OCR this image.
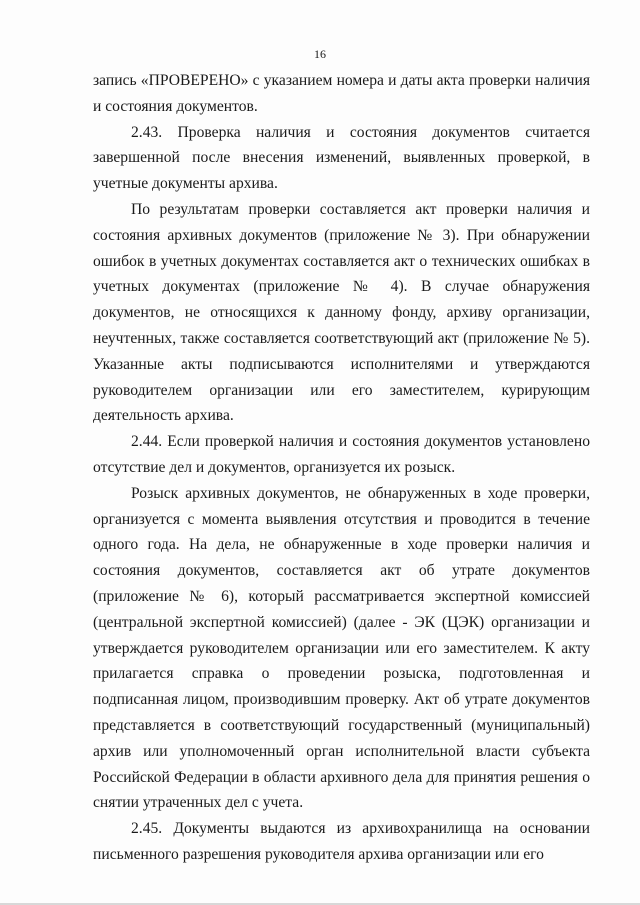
16

запись «ПРОВЕРЕНО» с указанием номера и даты акта проверки наличия и состояния документов.

2.43. Проверка наличия и состояния документов считается завершенной после внесения изменений, выявленных проверкой, в учетные документы архива.

По результатам проверки составляется акт проверки наличия и состояния архивных документов (приложение № 3). При обнаружении ошибок в учетных документах составляется акт о технических ошибках в учетных документах (приложение № 4). В случае обнаружения документов, не относящихся к данному фонду, архиву организации, неучтенных, также составляется соответствующий акт (приложение № 5). Указанные акты подписываются исполнителями и утверждаются руководителем организации или его заместителем, курирующим деятельность архива.

2.44. Если проверкой наличия и состояния документов установлено отсутствие дел и документов, организуется их розыск.

Розыск архивных документов, не обнаруженных в ходе проверки, организуется с момента выявления отсутствия и проводится в течение одного года. На дела, не обнаруженные в ходе проверки наличия и состояния документов, составляется акт об утрате документов (приложение № 6), который рассматривается экспертной комиссией (центральной экспертной комиссией) (далее - ЭК (ЦЭК) организации и утверждается руководителем организации или его заместителем. К акту прилагается справка о проведении розыска, подготовленная и подписанная лицом, производившим проверку. Акт об утрате документов представляется в соответствующий государственный (муниципальный) архив или уполномоченный орган исполнительной власти субъекта Российской Федерации в области архивного дела для принятия решения о снятии утраченных дел с учета.

2.45. Документы выдаются из архивохранилища на основании письменного разрешения руководителя архива организации или его
